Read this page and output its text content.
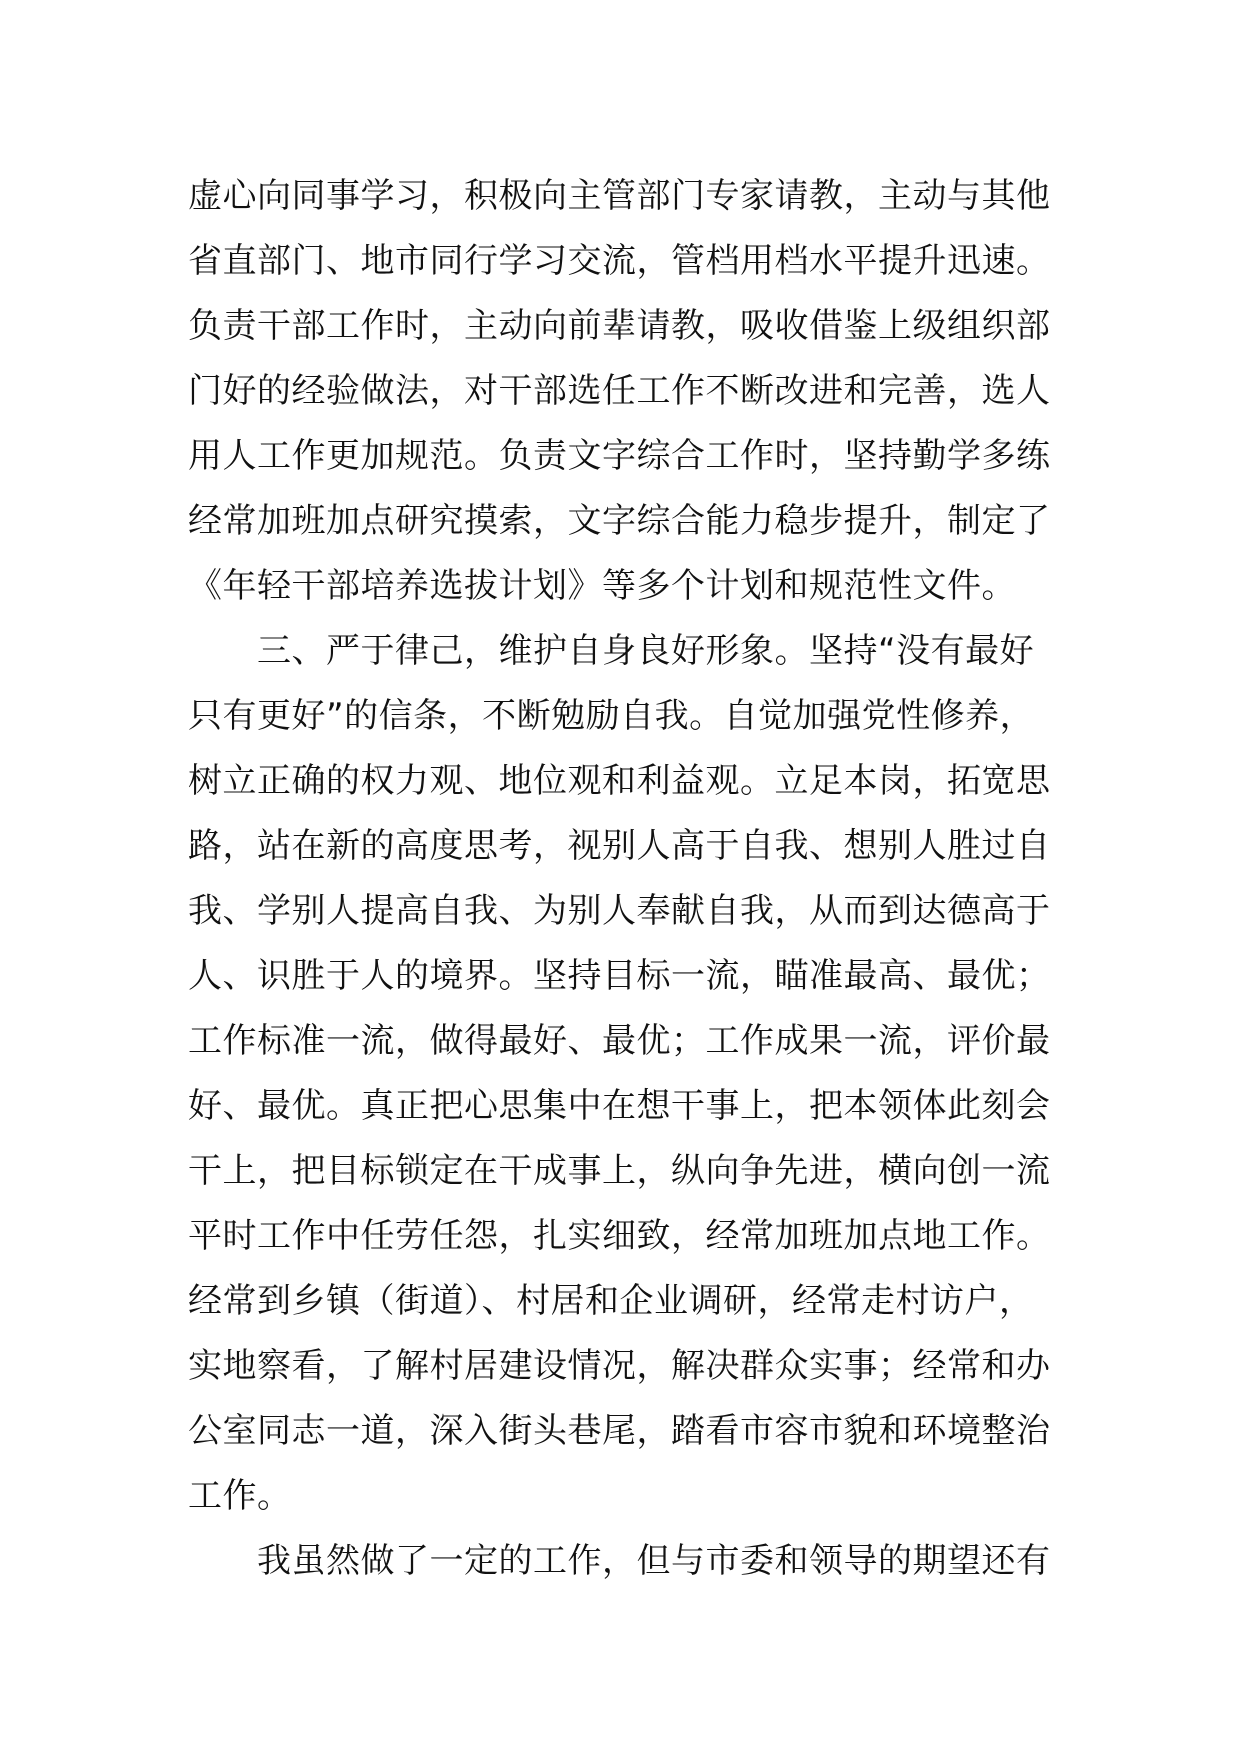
虚心向同事学习，积极向主管部门专家请教，主动与其他
省直部门、地市同行学习交流，管档用档水平提升迅速。
负责干部工作时，主动向前辈请教，吸收借鉴上级组织部
门好的经验做法，对干部选任工作不断改进和完善，选人
用人工作更加规范。负责文字综合工作时，坚持勤学多练
经常加班加点研究摸索，文字综合能力稳步提升，制定了
《年轻干部培养选拔计划》等多个计划和规范性文件。
　　三、严于律己，维护自身良好形象。坚持“没有最好
只有更好”的信条，不断勉励自我。自觉加强党性修养，
树立正确的权力观、地位观和利益观。立足本岗，拓宽思
路，站在新的高度思考，视别人高于自我、想别人胜过自
我、学别人提高自我、为别人奉献自我，从而到达德高于
人、识胜于人的境界。坚持目标一流，瞄准最高、最优；
工作标准一流，做得最好、最优；工作成果一流，评价最
好、最优。真正把心思集中在想干事上，把本领体此刻会
干上，把目标锁定在干成事上，纵向争先进，横向创一流
平时工作中任劳任怨，扎实细致，经常加班加点地工作。
经常到乡镇（街道）、村居和企业调研，经常走村访户，
实地察看，了解村居建设情况，解决群众实事；经常和办
公室同志一道，深入街头巷尾，踏看市容市貌和环境整治
工作。
　　我虽然做了一定的工作，但与市委和领导的期望还有
